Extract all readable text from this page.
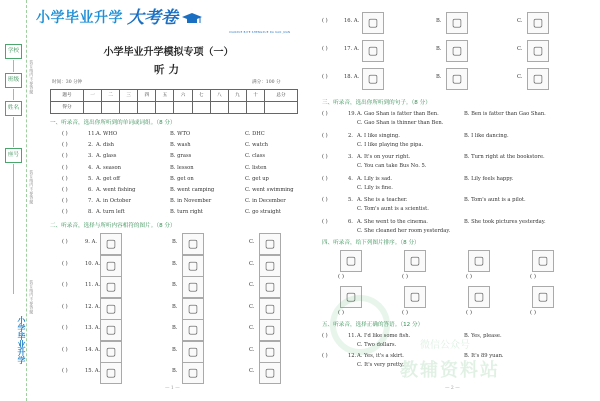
学校
班级
姓名
座号
小学毕业升学
装订线内不要答题
装订线内不要答题
装订线内不要答题
小学毕业升学 大考卷
XIAOXUE BIYE SHENGXUE DA KAO JUAN
小学毕业升学模拟专项（一）
听力
时间：30 分钟	满分：100 分
题号	一	二	三	四	五	六	七	八	九	十	总分
得分											
一、听录音，选出你所听到的单词或词组。（8 分）
( )	11. A. WHO	B. WTO	C. DHC
( )	2. A. dish	B. wash	C. watch
( )	3. A. glass	B. grass	C. class
( )	4. A. season	B. lesson	C. listen
( )	5. A. get off	B. get on	C. get up
( )	6. A. went fishing	B. went camping	C. went swimming
( )	7. A. in October	B. in November	C. in December
( )	8. A. turn left	B. turn right	C. go straight
二、听录音，选择与所听内容相符的图片。（8 分）
( )	9. A. ▢	B. ▢	C. ▢
( )	10. A. ▢	B. ▢	C. ▢
( )	11. A. ▢	B. ▢	C. ▢
( )	12. A. ▢	B. ▢	C. ▢
( )	13. A. ▢	B. ▢	C. ▢
( )	14. A. ▢	B. ▢	C. ▢
( )	15. A. ▢	B. ▢	C. ▢
( )	16. A. ▢	B. ▢	C. ▢
( )	17. A. ▢	B. ▢	C. ▢
( )	18. A. ▢	B. ▢	C. ▢
三、听录音，选出你所听到的句子。（8 分）
( )	19. A. Gao Shan is fatter than Ben.	B. Ben is fatter than Gao Shan.
C. Gao Shan is thinner than Ben.
( )	2. A. I like singing.	B. I like dancing.
C. I like playing the pipa.
( )	3. A. It's on your right.	B. Turn right at the bookstore.
C. You can take Bus No. 5.
( )	4. A. Lily is sad.	B. Lily feels happy.
C. Lily is fine.
( )	5. A. She is a teacher.	B. Tom's aunt is a pilot.
C. Tom's aunt is a scientist.
( )	6. A. She went to the cinema.	B. She took pictures yesterday.
C. She cleaned her room yesterday.
四、听录音，给下列图片排序。（8 分）
▢
( )
▢
( )
▢
( )
▢
( )
▢
( )
▢
( )
▢
( )
▢
( )
五、听录音，选择正确的答语。（12 分）
( )	11. A. I'd like some fish.	B. Yes, please.
C. Two dollars.
( )	12. A. Yes, it's a skirt.	B. It's 89 yuan.
C. It's very pretty.
微信公众号
教辅资料站
— 1 —	— 2 —
